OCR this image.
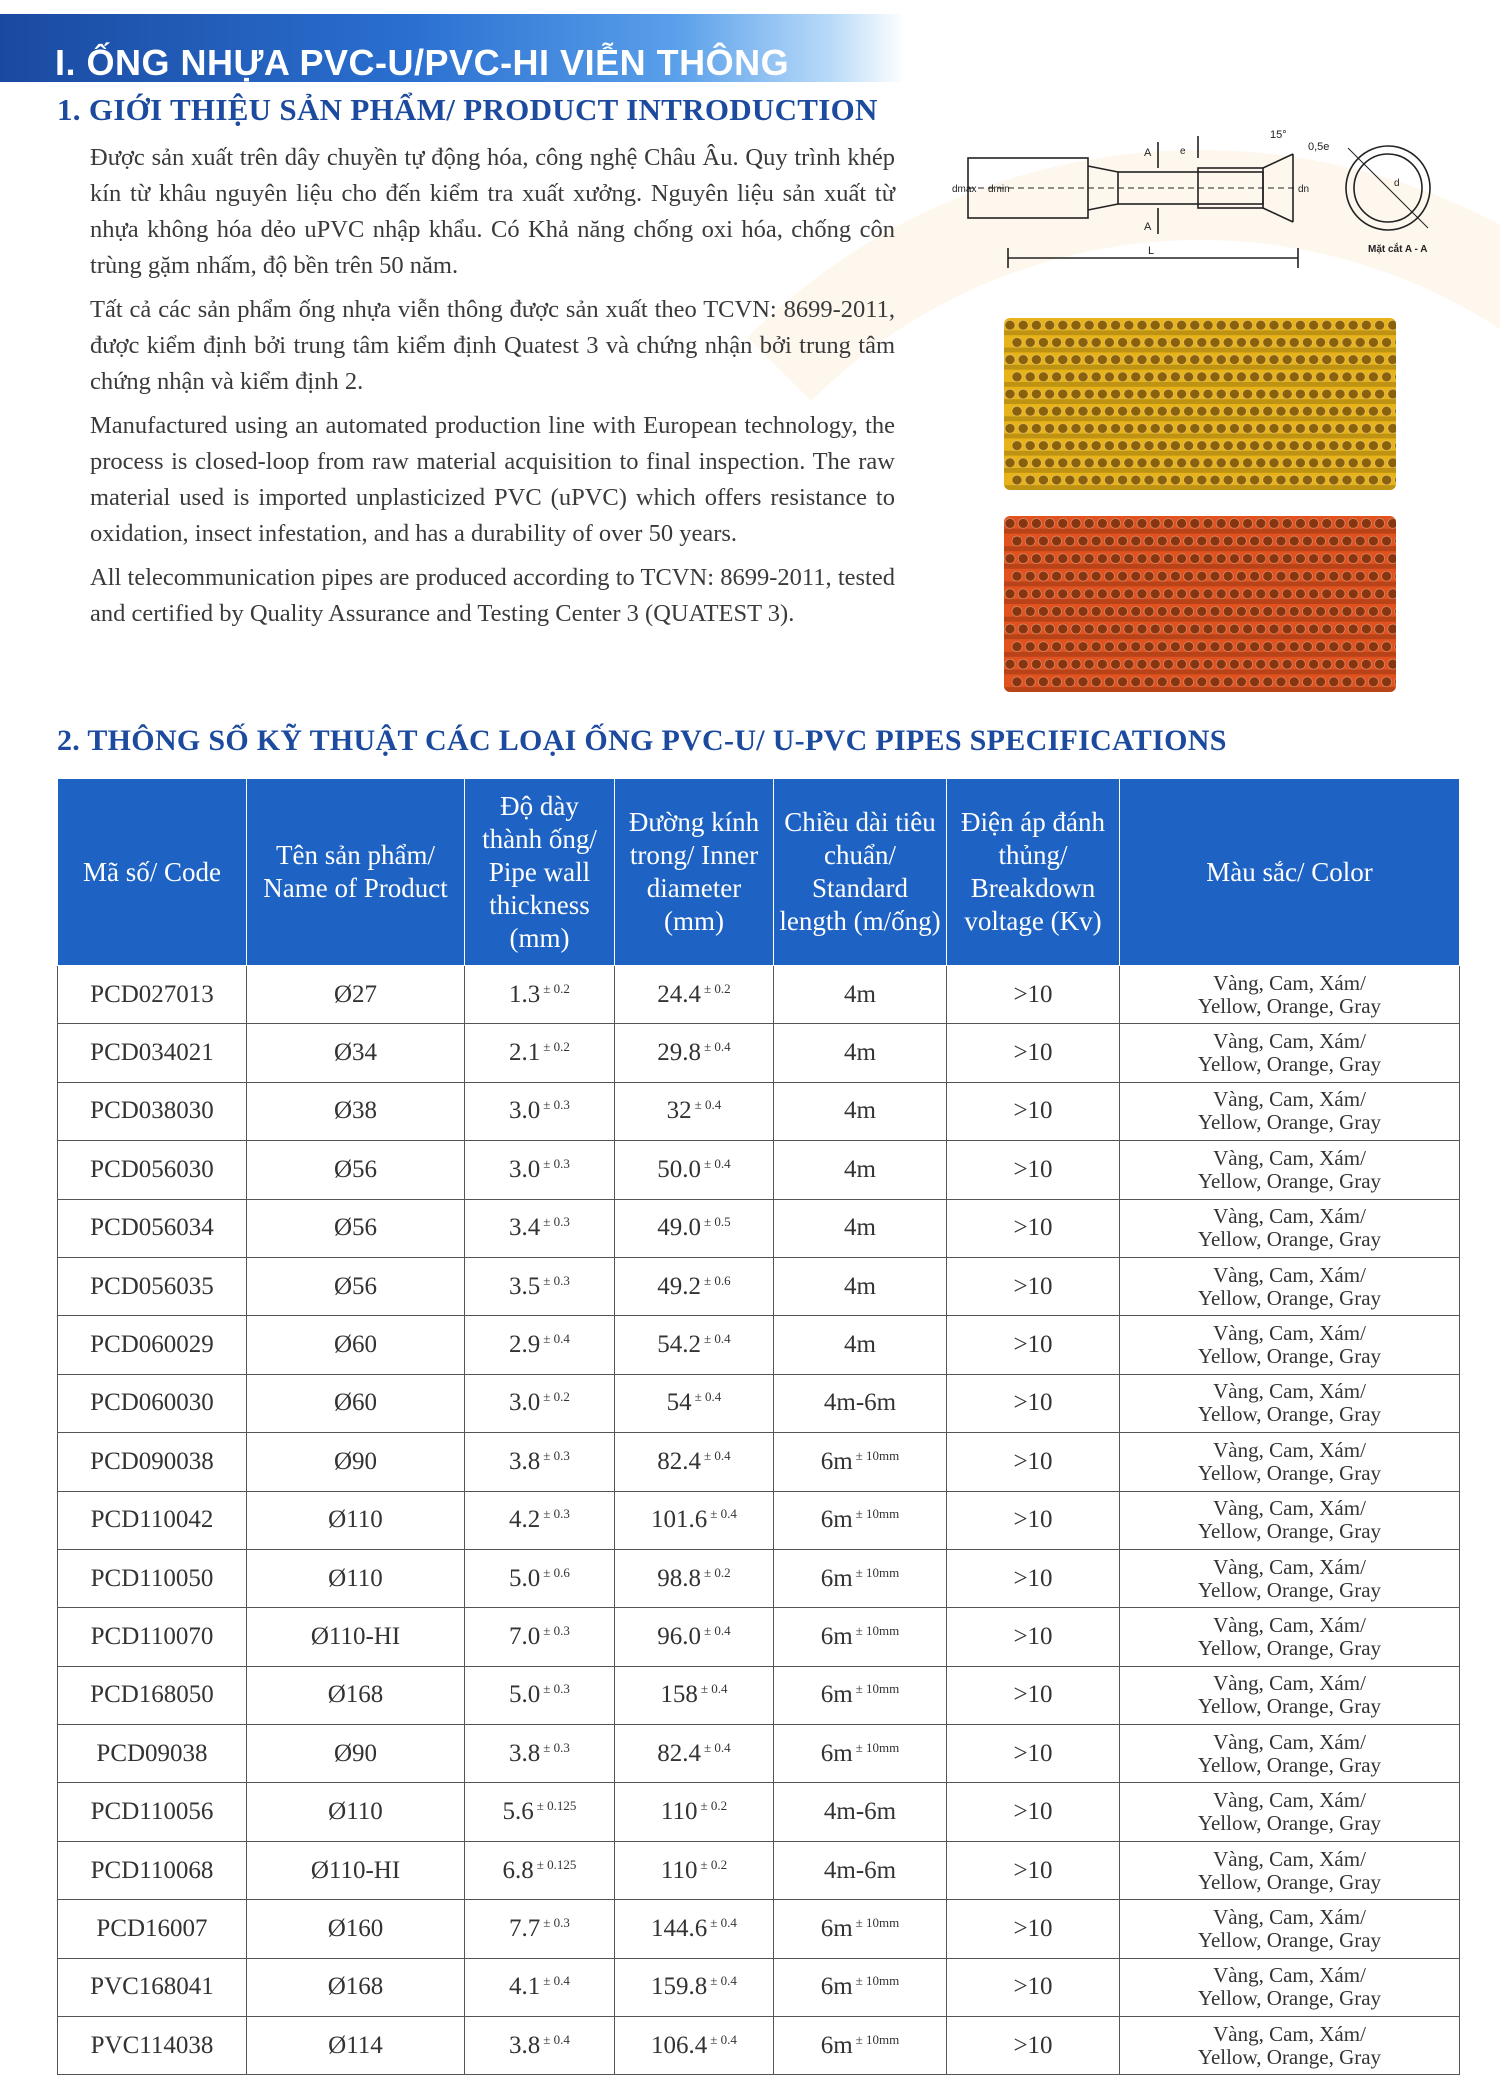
I. ỐNG NHỰA PVC-U/PVC-HI VIỄN THÔNG
1. GIỚI THIỆU SẢN PHẨM/ PRODUCT INTRODUCTION

Được sản xuất trên dây chuyền tự động hóa, công nghệ Châu Âu. Quy trình khép kín từ khâu nguyên liệu cho đến kiểm tra xuất xưởng. Nguyên liệu sản xuất từ nhựa không hóa dẻo uPVC nhập khẩu. Có Khả năng chống oxi hóa, chống côn trùng gặm nhấm, độ bền trên 50 năm.

Tất cả các sản phẩm ống nhựa viễn thông được sản xuất theo TCVN: 8699-2011, được kiểm định bởi trung tâm kiểm định Quatest 3 và chứng nhận bởi trung tâm chứng nhận và kiểm định 2.

Manufactured using an automated production line with European technology, the process is closed-loop from raw material acquisition to final inspection. The raw material used is imported unplasticized PVC (uPVC) which offers resistance to oxidation, insect infestation, and has a durability of over 50 years.

All telecommunication pipes are produced according to TCVN: 8699-2011, tested and certified by Quality Assurance and Testing Center 3 (QUATEST 3).

15°
0,5e
A
A
e
dmax dmin	dn
d
L	Mặt cắt A - A
2. THÔNG SỐ KỸ THUẬT CÁC LOẠI ỐNG PVC-U/ U-PVC PIPES SPECIFICATIONS
Mã số/ Code	Tên sản phẩm/ Name of Product	Độ dày thành ống/ Pipe wall thickness (mm)	Đường kính trong/ Inner diameter (mm)	Chiều dài tiêu chuẩn/ Standard length (m/ống)	Điện áp đánh thủng/ Breakdown voltage (Kv)	Màu sắc/ Color
PCD027013	Ø27	1.3 $^{\pm 0.2}$	24.4 $^{\pm 0.2}$	4m	>10	Vàng, Cam, Xám/
Yellow, Orange, Gray

PCD034021	Ø34	2.1 $^{\pm 0.2}$	29.8 $^{\pm 0.4}$	4m	>10	Vàng, Cam, Xám/
Yellow, Orange, Gray

PCD038030	Ø38	3.0 $^{\pm 0.3}$	32 $^{\pm 0.4}$	4m	>10	Vàng, Cam, Xám/
Yellow, Orange, Gray

PCD056030	Ø56	3.0 $^{\pm 0.3}$	50.0 $^{\pm 0.4}$	4m	>10	Vàng, Cam, Xám/
Yellow, Orange, Gray

PCD056034	Ø56	3.4 $^{\pm 0.3}$	49.0 $^{\pm 0.5}$	4m	>10	Vàng, Cam, Xám/
Yellow, Orange, Gray

PCD056035	Ø56	3.5 $^{\pm 0.3}$	49.2 $^{\pm 0.6}$	4m	>10	Vàng, Cam, Xám/
Yellow, Orange, Gray

PCD060029	Ø60	2.9 $^{\pm 0.4}$	54.2 $^{\pm 0.4}$	4m	>10	Vàng, Cam, Xám/
Yellow, Orange, Gray

PCD060030	Ø60	3.0 $^{\pm 0.2}$	54 $^{\pm 0.4}$	4m-6m	>10	Vàng, Cam, Xám/
Yellow, Orange, Gray

PCD090038	Ø90	3.8 $^{\pm 0.3}$	82.4 $^{\pm 0.4}$	6m $^{\pm 10mm}$	>10	Vàng, Cam, Xám/
Yellow, Orange, Gray

PCD110042	Ø110	4.2 $^{\pm 0.3}$	101.6 $^{\pm 0.4}$	6m $^{\pm 10mm}$	>10	Vàng, Cam, Xám/
Yellow, Orange, Gray

PCD110050	Ø110	5.0 $^{\pm 0.6}$	98.8 $^{\pm 0.2}$	6m $^{\pm 10mm}$	>10	Vàng, Cam, Xám/
Yellow, Orange, Gray

PCD110070	Ø110-HI	7.0 $^{\pm 0.3}$	96.0 $^{\pm 0.4}$	6m $^{\pm 10mm}$	>10	Vàng, Cam, Xám/
Yellow, Orange, Gray

PCD168050	Ø168	5.0 $^{\pm 0.3}$	158 $^{\pm 0.4}$	6m $^{\pm 10mm}$	>10	Vàng, Cam, Xám/
Yellow, Orange, Gray

PCD09038	Ø90	3.8 $^{\pm 0.3}$	82.4 $^{\pm 0.4}$	6m $^{\pm 10mm}$	>10	Vàng, Cam, Xám/
Yellow, Orange, Gray

PCD110056	Ø110	5.6 $^{\pm 0.125}$	110 $^{\pm 0.2}$	4m-6m	>10	Vàng, Cam, Xám/
Yellow, Orange, Gray

PCD110068	Ø110-HI	6.8 $^{\pm 0.125}$	110 $^{\pm 0.2}$	4m-6m	>10	Vàng, Cam, Xám/
Yellow, Orange, Gray

PCD16007	Ø160	7.7 $^{\pm 0.3}$	144.6 $^{\pm 0.4}$	6m $^{\pm 10mm}$	>10	Vàng, Cam, Xám/
Yellow, Orange, Gray

PVC168041	Ø168	4.1 $^{\pm 0.4}$	159.8 $^{\pm 0.4}$	6m $^{\pm 10mm}$	>10	Vàng, Cam, Xám/
Yellow, Orange, Gray

PVC114038	Ø114	3.8 $^{\pm 0.4}$	106.4 $^{\pm 0.4}$	6m $^{\pm 10mm}$	>10	Vàng, Cam, Xám/
Yellow, Orange, Gray
